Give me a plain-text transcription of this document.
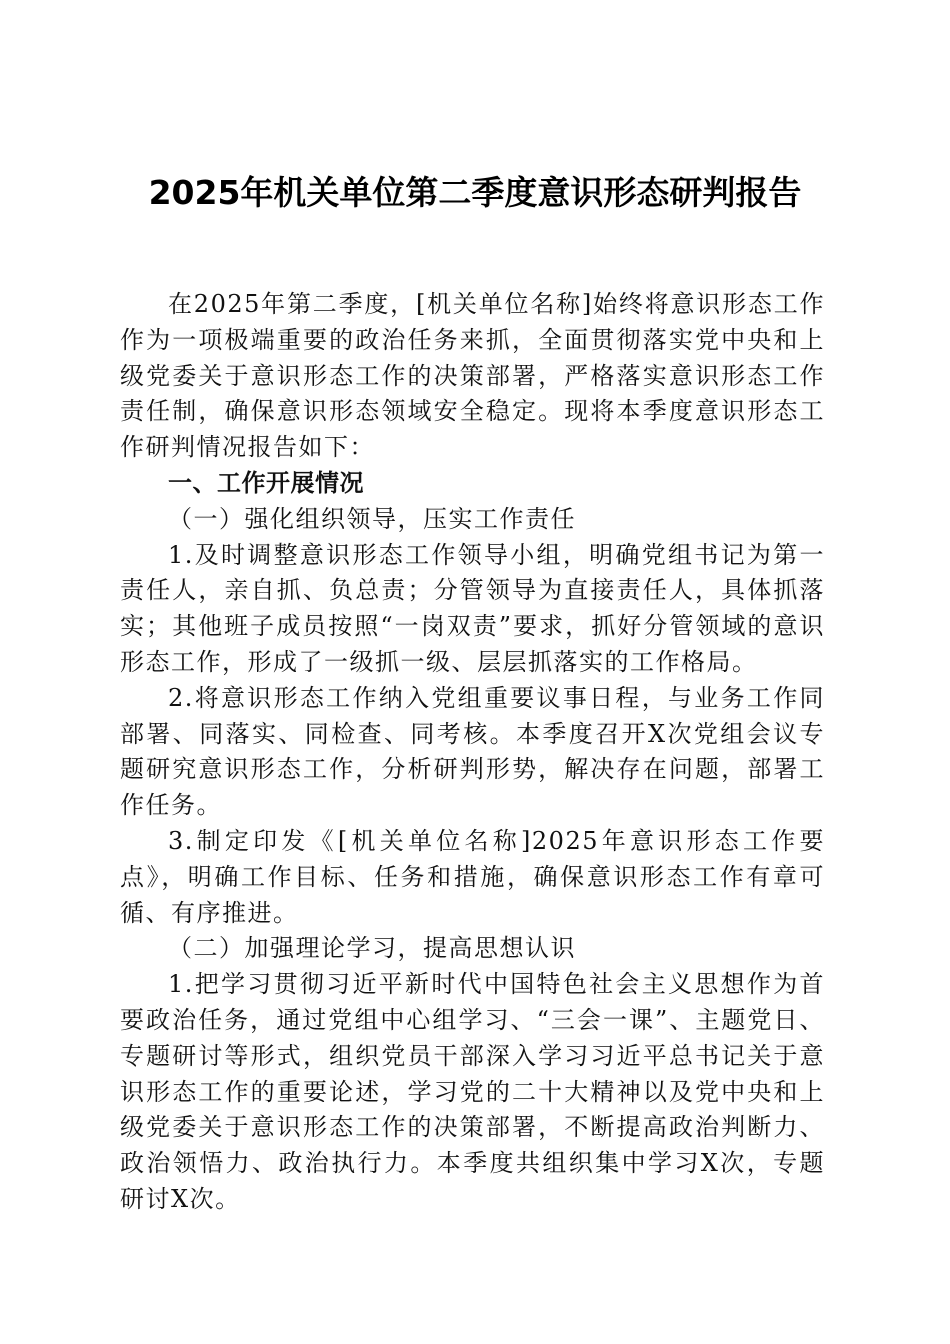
2025年机关单位第二季度意识形态研判报告

在2025年第二季度，[机关单位名称]始终将意识形态工作作为一项极端重要的政治任务来抓，全面贯彻落实党中央和上级党委关于意识形态工作的决策部署，严格落实意识形态工作责任制，确保意识形态领域安全稳定。现将本季度意识形态工作研判情况报告如下：

一、工作开展情况

（一）强化组织领导，压实工作责任

1.及时调整意识形态工作领导小组，明确党组书记为第一责任人，亲自抓、负总责；分管领导为直接责任人，具体抓落实；其他班子成员按照“一岗双责”要求，抓好分管领域的意识形态工作，形成了一级抓一级、层层抓落实的工作格局。

2.将意识形态工作纳入党组重要议事日程，与业务工作同部署、同落实、同检查、同考核。本季度召开X次党组会议专题研究意识形态工作，分析研判形势，解决存在问题，部署工作任务。

3.制定印发《[机关单位名称]2025年意识形态工作要点》，明确工作目标、任务和措施，确保意识形态工作有章可循、有序推进。

（二）加强理论学习，提高思想认识

1.把学习贯彻习近平新时代中国特色社会主义思想作为首要政治任务，通过党组中心组学习、“三会一课”、主题党日、专题研讨等形式，组织党员干部深入学习习近平总书记关于意识形态工作的重要论述，学习党的二十大精神以及党中央和上级党委关于意识形态工作的决策部署，不断提高政治判断力、政治领悟力、政治执行力。本季度共组织集中学习X次，专题研讨X次。
